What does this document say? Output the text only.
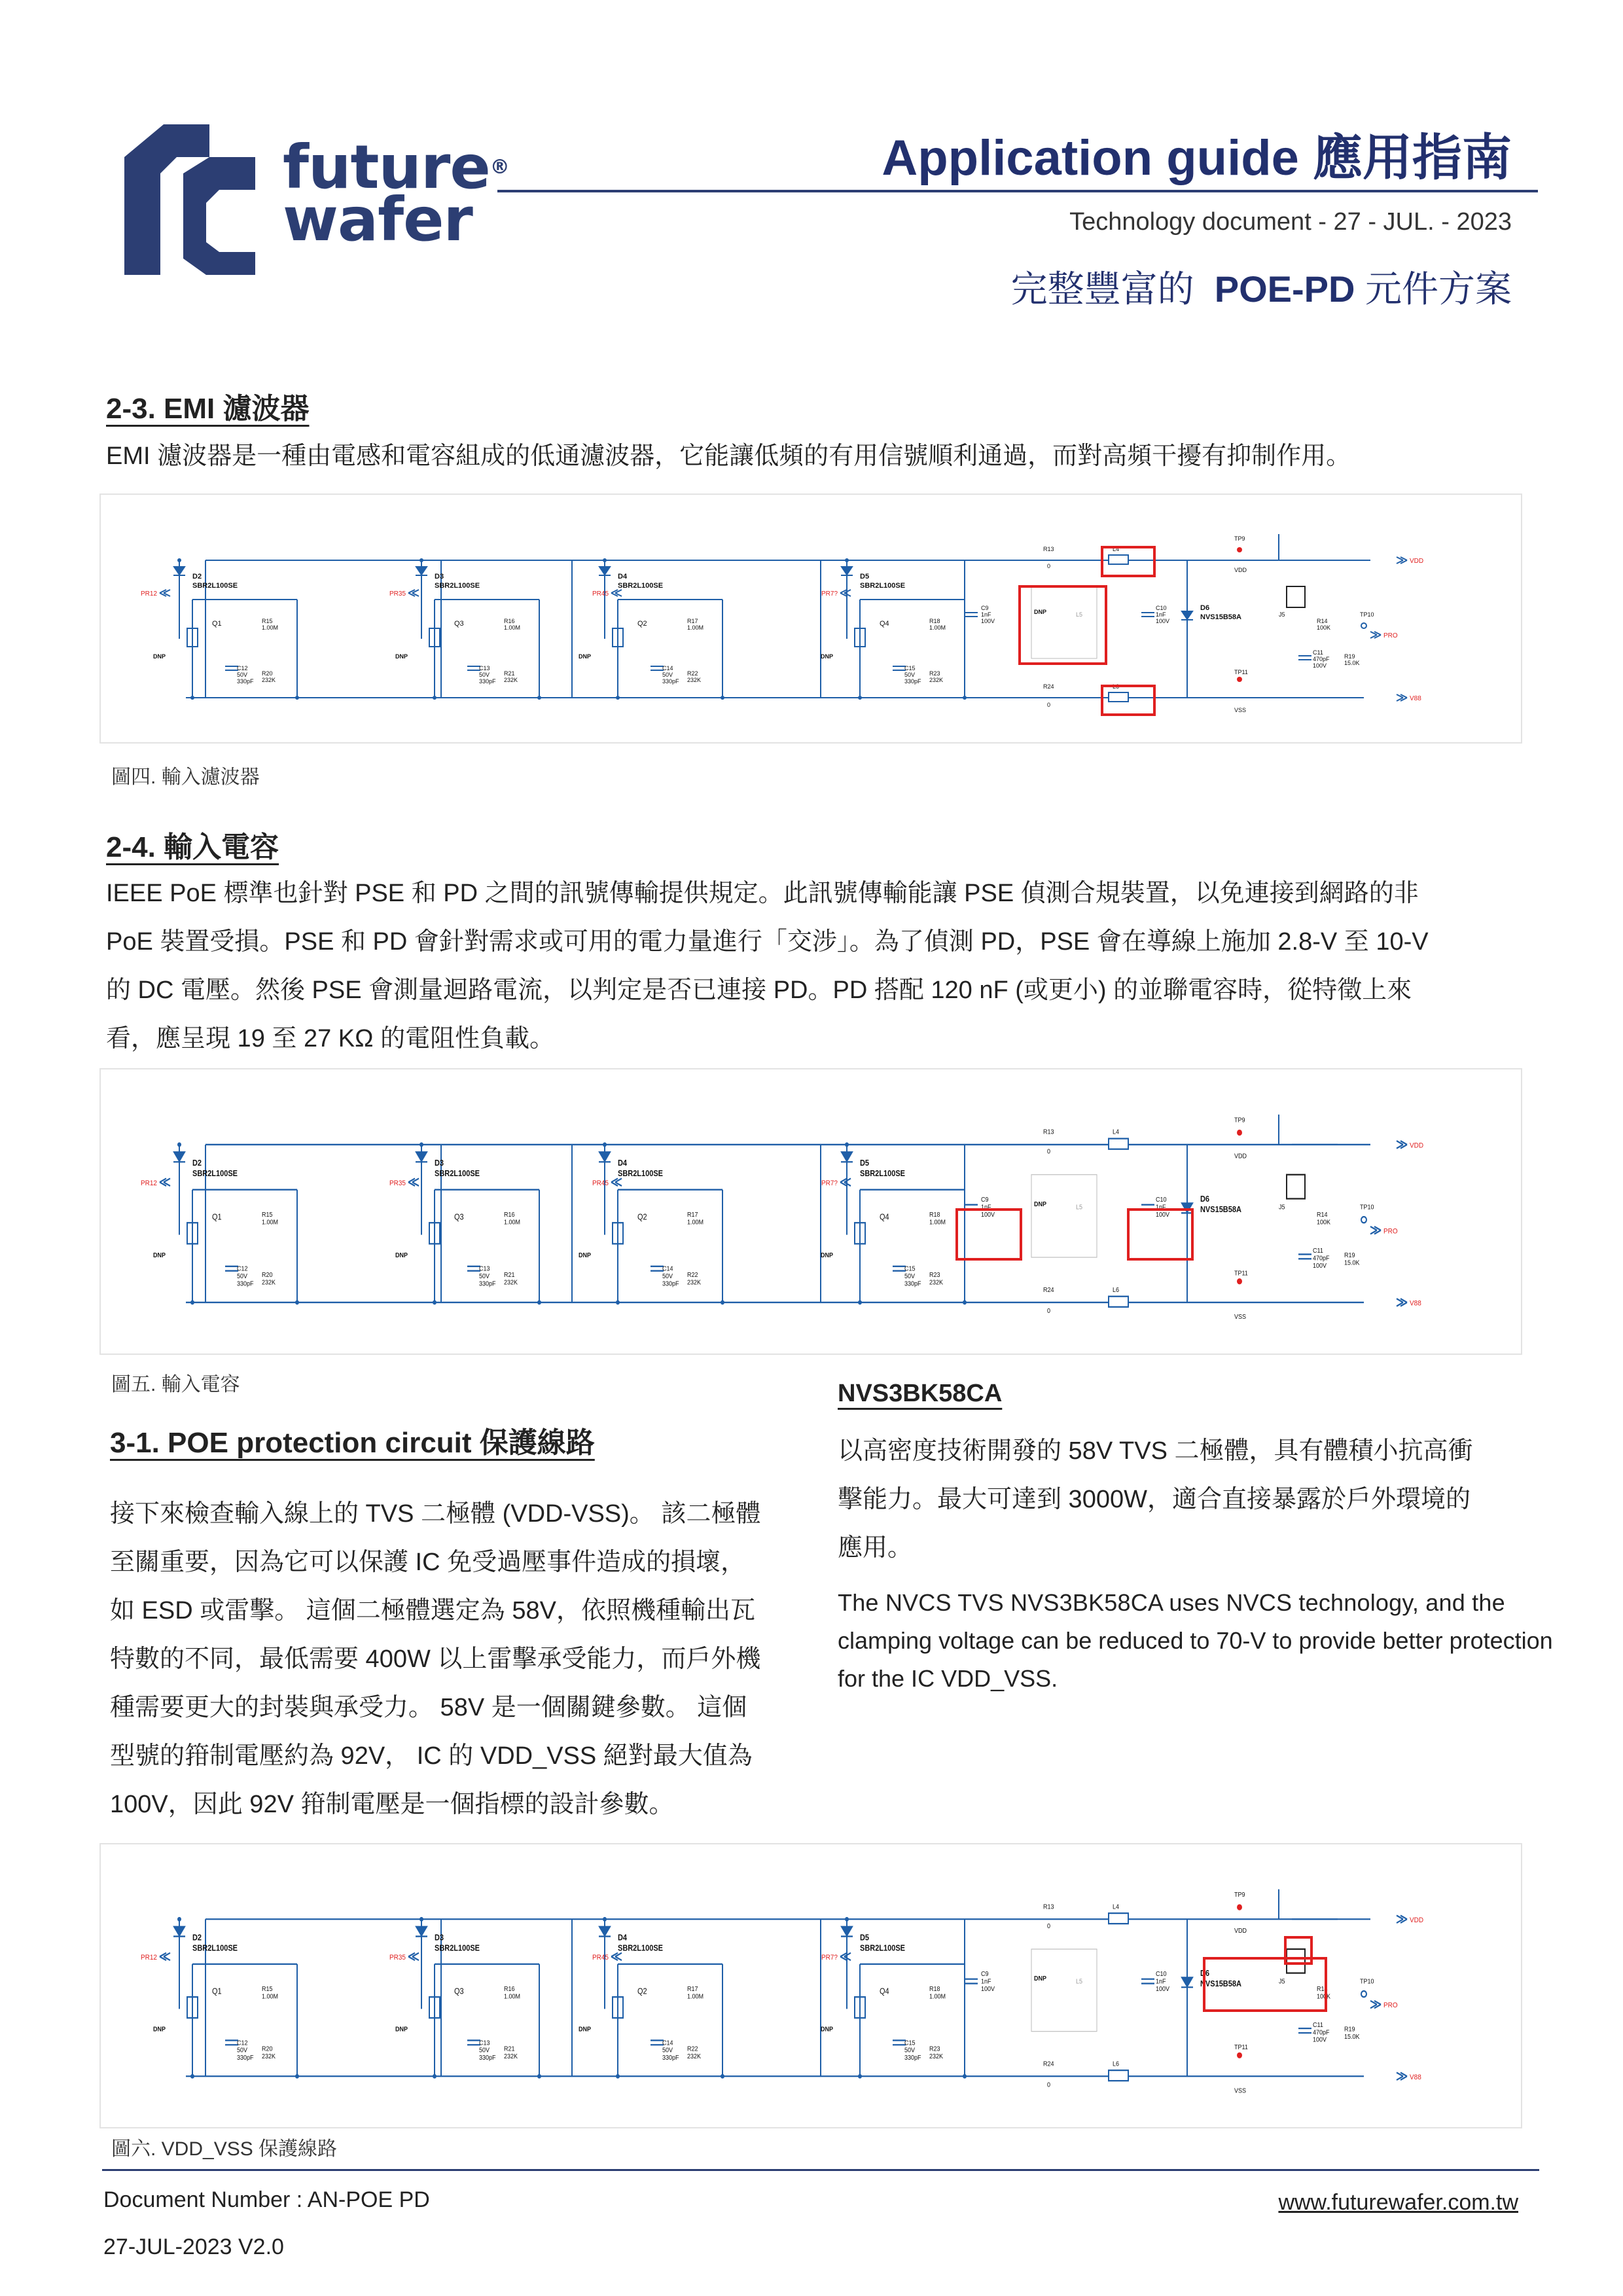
future®
wafer
Application guide 應用指南
Technology document - 27 - JUL. - 2023
完整豐富的 POE-PD 元件方案
2-3. EMI 濾波器
EMI 濾波器是一種由電感和電容組成的低通濾波器，它能讓低頻的有用信號順利通過，而對高頻干擾有抑制作用。
D2
SBR2L100SE
Q1
C12
50V
330pF
R15
1.00M
R20
232K
DNP
D3
SBR2L100SE
Q3
C13
50V
330pF
R16
1.00M
R21
232K
DNP
D4
SBR2L100SE
Q2
C14
50V
330pF
R17
1.00M
R22
232K
DNP
D5
SBR2L100SE
Q4
C15
50V
330pF
R18
1.00M
R23
232K
DNP
PR12	PR35	PR45	PR7?
C9
1nF
100V
DNP	L5
C10
1nF
100V
R13
0
L4
L6
R24
0
D6
NVS15B58A
TP9
VDD
J5
R14
100K
TP10
PRO
C11
470pF
100V
R19
15.0K
TP11
VSS
VDD
V88
圖四. 輸入濾波器
2-4. 輸入電容
IEEE PoE 標準也針對 PSE 和 PD 之間的訊號傳輸提供規定。此訊號傳輸能讓 PSE 偵測合規裝置，以免連接到網路的非
PoE 裝置受損。PSE 和 PD 會針對需求或可用的電力量進行「交涉」。為了偵測 PD，PSE 會在導線上施加 2.8-V 至 10-V
的 DC 電壓。然後 PSE 會測量迴路電流，以判定是否已連接 PD。PD 搭配 120 nF (或更小) 的並聯電容時，從特徵上來
看，應呈現 19 至 27 KΩ 的電阻性負載。
D2
SBR2L100SE
Q1
C12
50V
330pF
R15
1.00M
R20
232K
DNP
D3
SBR2L100SE
Q3
C13
50V
330pF
R16
1.00M
R21
232K
DNP
D4
SBR2L100SE
Q2
C14
50V
330pF
R17
1.00M
R22
232K
DNP
D5
SBR2L100SE
Q4
C15
50V
330pF
R18
1.00M
R23
232K
DNP
PR12	PR35	PR45	PR7?
C9
1nF
100V
DNP	L5
C10
1nF
100V
R13
0
L4
L6
R24
0
D6
NVS15B58A
TP9
VDD
J5
R14
100K
TP10
PRO
C11
470pF
100V
R19
15.0K
TP11
VSS
VDD
V88
圖五. 輸入電容
3-1. POE protection circuit 保護線路
接下來檢查輸入線上的 TVS 二極體 (VDD-VSS)。 該二極體
至關重要，因為它可以保護 IC 免受過壓事件造成的損壞，
如 ESD 或雷擊。 這個二極體選定為 58V，依照機種輸出瓦
特數的不同，最低需要 400W 以上雷擊承受能力，而戶外機
種需要更大的封裝與承受力。 58V 是一個關鍵參數。 這個
型號的箝制電壓約為 92V， IC 的 VDD_VSS 絕對最大值為
100V，因此 92V 箝制電壓是一個指標的設計參數。
NVS3BK58CA
以高密度技術開發的 58V TVS 二極體，具有體積小抗高衝
擊能力。最大可達到 3000W，適合直接暴露於戶外環境的
應用。
The NVCS TVS NVS3BK58CA uses NVCS technology, and the
clamping voltage can be reduced to 70-V to provide better protection
for the IC VDD_VSS.
D2
SBR2L100SE
Q1
C12
50V
330pF
R15
1.00M
R20
232K
DNP
D3
SBR2L100SE
Q3
C13
50V
330pF
R16
1.00M
R21
232K
DNP
D4
SBR2L100SE
Q2
C14
50V
330pF
R17
1.00M
R22
232K
DNP
D5
SBR2L100SE
Q4
C15
50V
330pF
R18
1.00M
R23
232K
DNP
PR12	PR35	PR45	PR7?
C9
1nF
100V
DNP	L5
C10
1nF
100V
R13
0
L4
L6
R24
0
D6
NVS15B58A
TP9
VDD
J5
R14
100K
TP10
PRO
C11
470pF
100V
R19
15.0K
TP11
VSS
VDD
V88
圖六. VDD_VSS 保護線路
Document Number : AN-POE PD
27-JUL-2023 V2.0
www.futurewafer.com.tw
